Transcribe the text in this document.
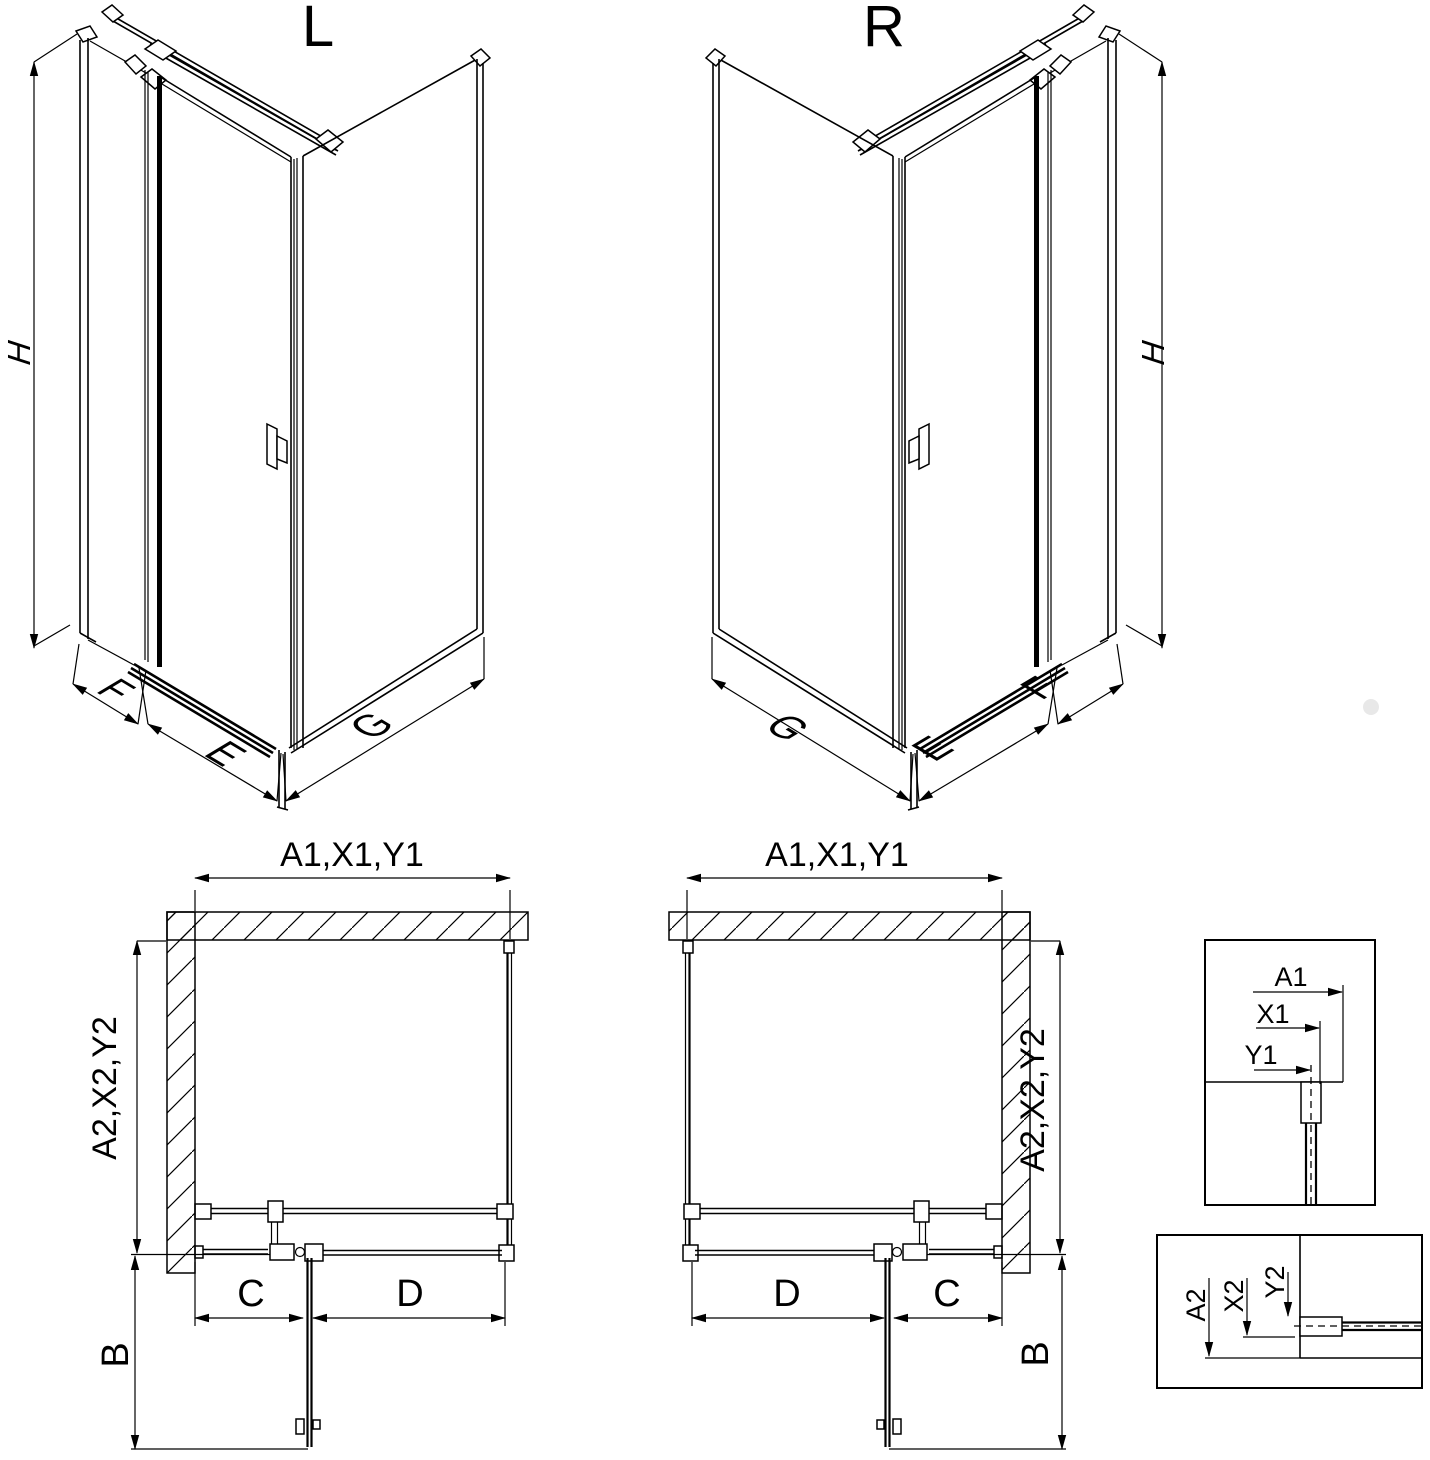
L
H
F
E
G
R
H
G
E
F
A1,X1,Y1
A2,X2,Y2
C	D
B
A1,X1,Y1
A2,X2,Y2
D	C
B
A1
X1
Y1
A2 X2 Y2
